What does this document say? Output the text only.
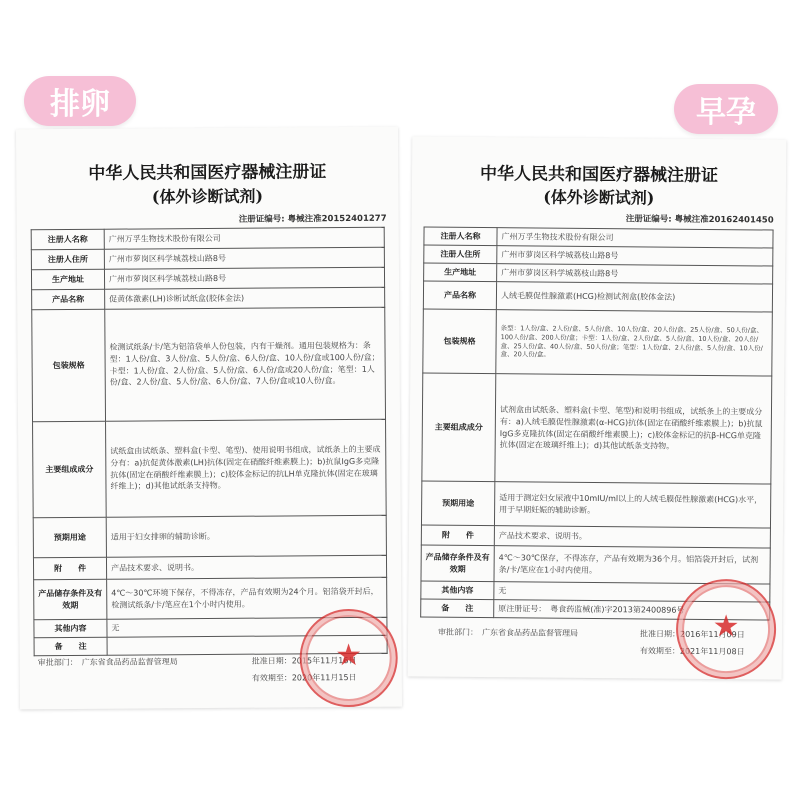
排卵	早孕
中华人民共和国医疗器械注册证
(体外诊断试剂)
注册证编号: 粤械注准20152401277
注册人名称	广州万孚生物技术股份有限公司
注册人住所	广州市萝岗区科学城荔枝山路8号
生产地址	广州市萝岗区科学城荔枝山路8号
产品名称	促黄体激素(LH)诊断试纸盒(胶体金法)
包装规格	检测试纸条/卡/笔为铝箔袋单人份包装，内有干燥剂。通用包装规格为：条型：1人份/盒、3人份/盒、5人份/盒、6人份/盒、10人份/盒或100人份/盒；卡型：1人份/盒、2人份/盒、5人份/盒、6人份/盒或20人份/盒；笔型：1人份/盒、2人份/盒、5人份/盒、6人份/盒、7人份/盒或10人份/盒。
主要组成成分	试纸盒由试纸条、塑料盒(卡型、笔型)、使用说明书组成，试纸条上的主要成分有：a)抗促黄体激素(LH)抗体(固定在硝酸纤维素膜上)；b)抗鼠IgG多克隆抗体(固定在硝酸纤维素膜上)；c)胶体金标记的抗LH单克隆抗体(固定在玻璃纤维上)；d)其他试纸条支持物。
预期用途	适用于妇女排卵的辅助诊断。
附　　件	产品技术要求、说明书。
产品储存条件及有效期	4℃～30℃环境下保存，不得冻存，产品有效期为24个月。铝箔袋开封后，检测试纸条/卡/笔应在1个小时内使用。
其他内容	无
备　　注	
审批部门：　广东省食品药品监督管理局	批准日期：2015年11月16日
有效期至：2020年11月15日
★
中华人民共和国医疗器械注册证
(体外诊断试剂)
注册证编号: 粤械注准20162401450
注册人名称	广州万孚生物技术股份有限公司
注册人住所	广州市萝岗区科学城荔枝山路8号
生产地址	广州市萝岗区科学城荔枝山路8号
产品名称	人绒毛膜促性腺激素(HCG)检测试剂盒(胶体金法)
包装规格	条型：1人份/盒、2人份/盒、5人份/盒、10人份/盒、20人份/盒、25人份/盒、50人份/盒、100人份/盒、200人份/盒；卡型：1人份/盒、2人份/盒、5人份/盒、10人份/盒、20人份/盒、25人份/盒、40人份/盒、50人份/盒；笔型：1人份/盒、2人份/盒、5人份/盒、10人份/盒、20人份/盒。
主要组成成分	试剂盒由试纸条、塑料盒(卡型、笔型)和说明书组成，试纸条上的主要成分有：a)人绒毛膜促性腺激素(α-HCG)抗体(固定在硝酸纤维素膜上)；b)抗鼠IgG多克隆抗体(固定在硝酸纤维素膜上)；c)胶体金标记的抗β-HCG单克隆抗体(固定在玻璃纤维上)；d)其他试纸条支持物。
预期用途	适用于测定妇女尿液中10mIU/ml以上的人绒毛膜促性腺激素(HCG)水平，用于早期妊娠的辅助诊断。
附　　件	产品技术要求、说明书。
产品储存条件及有效期	4℃～30℃保存，不得冻存，产品有效期为36个月。铝箔袋开封后，试剂条/卡/笔应在1小时内使用。
其他内容	无
备　　注	原注册证号：　粤食药监械(准)字2013第2400896号
审批部门：　广东省食品药品监督管理局	批准日期：2016年11月09日
有效期至：2021年11月08日
★
